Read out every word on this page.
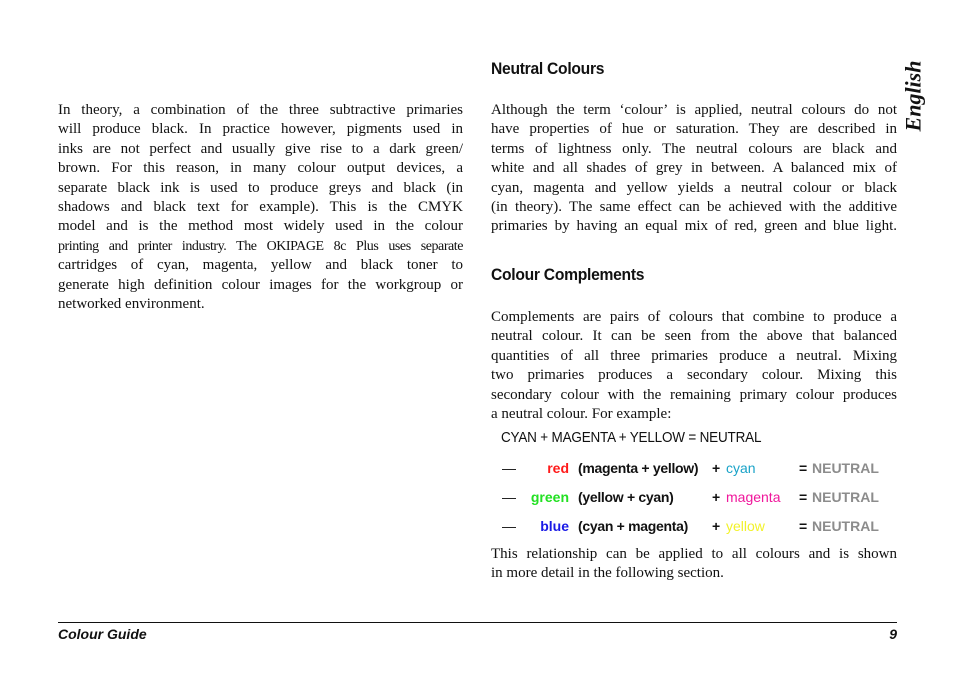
English
In theory, a combination of the three subtractive primaries
will produce black. In practice however, pigments used in
inks are not perfect and usually give rise to a dark green/
brown. For this reason, in many colour output devices, a
separate black ink is used to produce greys and black (in
shadows and black text for example). This is the CMYK
model and is the method most widely used in the colour
printing and printer industry. The OKIPAGE 8c Plus uses separate
cartridges of cyan, magenta, yellow and black toner to
generate high definition colour images for the workgroup or
networked environment.
Neutral Colours
Although the term ‘colour’ is applied, neutral colours do not
have properties of hue or saturation. They are described in
terms of lightness only. The neutral colours are black and
white and all shades of grey in between. A balanced mix of
cyan, magenta and yellow yields a neutral colour or black
(in theory). The same effect can be achieved with the additive
primaries by having an equal mix of red, green and blue light.
Colour Complements
Complements are pairs of colours that combine to produce a
neutral colour. It can be seen from the above that balanced
quantities of all three primaries produce a neutral. Mixing
two primaries produces a secondary colour. Mixing this
secondary colour with the remaining primary colour produces
a neutral colour. For example:

CYAN + MAGENTA + YELLOW = NEUTRAL

—	red (magenta + yellow) + cyan	= NEUTRAL
— green (yellow + cyan)	+ magenta = NEUTRAL
—	blue (cyan + magenta) + yellow = NEUTRAL
This relationship can be applied to all colours and is shown
in more detail in the following section.

Colour Guide	9
